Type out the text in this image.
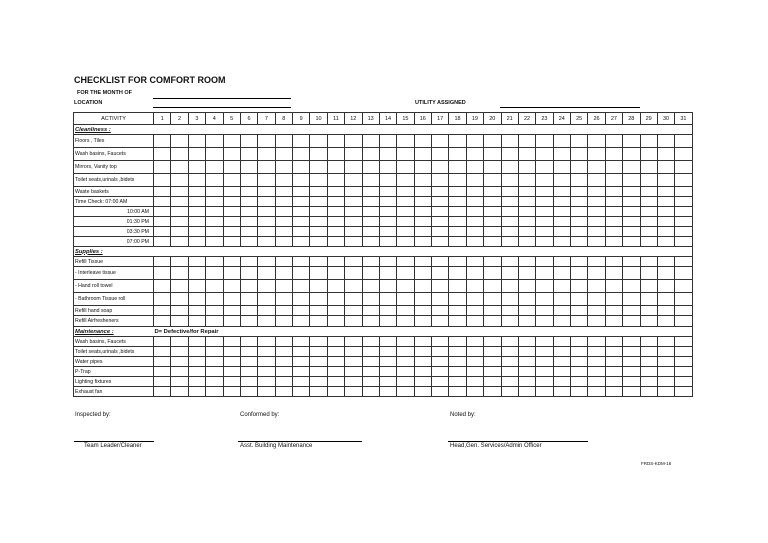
CHECKLIST FOR COMFORT ROOM
FOR THE MONTH OF
LOCATION	UTILITY ASSIGNED
ACTIVITY	1	2	3	4	5	6	7	8	9	10	11	12	13	14	15	16	17	18	19	20	21	22	23	24	25	26	27	28	29	30	31
Cleanliness :																															
Floors , Tiles																															
Wash basins, Faucets																															
Mirrors, Vanity top																															
Toilet seats,urinals ,bidets																															
Waste baskets																															
Time Check: 07:00 AM																															
10:00 AM																															
01:30 PM																															
03:30 PM																															
07:00 PM																															
Supplies :																															
Refill Tissue																															
- Interleave tissue																															
- Hand roll towel																															
- Bathroom Tissue roll																															
Refill hand soap																															
Refill Airfresheners																															
Maintenance :	D= Defective/for Repair																														
Wash basins, Faucets																															
Toilet seats,urinals ,bidets																															
Water pipes																															
P-Trap																															
Lighting fixtures																															
Exhaust fan																															
Inspected by:	Conformed by:	Noted by:
Team Leader/Cleaner	Asst. Building Maintenance	Head,Gen. Services/Admin Officer
FRDS-KDM-16
